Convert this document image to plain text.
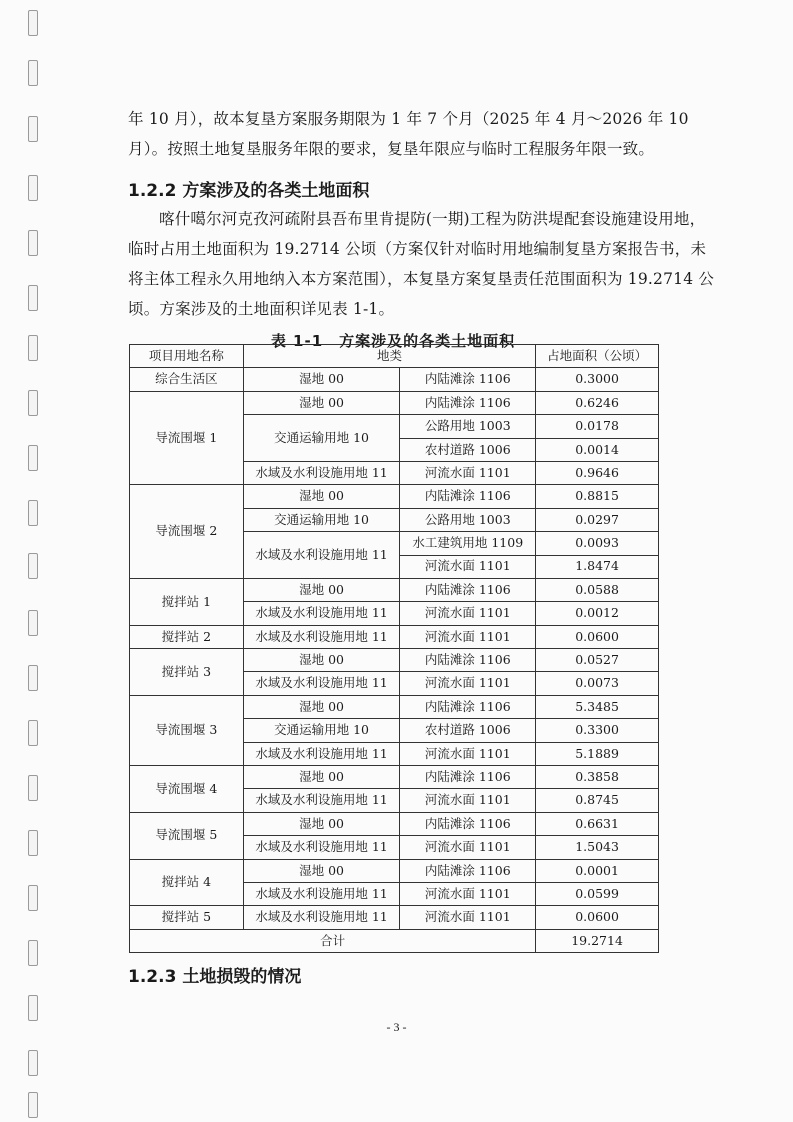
年 10 月），故本复垦方案服务期限为 1 年 7 个月（2025 年 4 月～2026 年 10 月）。按照土地复垦服务年限的要求，复垦年限应与临时工程服务年限一致。

1.2.2 方案涉及的各类土地面积

喀什噶尔河克孜河疏附县吾布里肯提防(一期)工程为防洪堤配套设施建设用地，临时占用土地面积为 19.2714 公顷（方案仅针对临时用地编制复垦方案报告书，未将主体工程永久用地纳入本方案范围），本复垦方案复垦责任范围面积为 19.2714 公顷。方案涉及的土地面积详见表 1-1。

表 1-1　方案涉及的各类土地面积

项目用地名称	地类		占地面积（公顷）
综合生活区	湿地 00	内陆滩涂 1106	0.3000
导流围堰 1	湿地 00	内陆滩涂 1106	0.6246
	交通运输用地 10	公路用地 1003	0.0178
		农村道路 1006	0.0014
	水域及水利设施用地 11	河流水面 1101	0.9646
导流围堰 2	湿地 00	内陆滩涂 1106	0.8815
	交通运输用地 10	公路用地 1003	0.0297
	水域及水利设施用地 11	水工建筑用地 1109	0.0093
		河流水面 1101	1.8474
搅拌站 1	湿地 00	内陆滩涂 1106	0.0588
	水域及水利设施用地 11	河流水面 1101	0.0012
搅拌站 2	水域及水利设施用地 11	河流水面 1101	0.0600
搅拌站 3	湿地 00	内陆滩涂 1106	0.0527
	水域及水利设施用地 11	河流水面 1101	0.0073
导流围堰 3	湿地 00	内陆滩涂 1106	5.3485
	交通运输用地 10	农村道路 1006	0.3300
	水域及水利设施用地 11	河流水面 1101	5.1889
导流围堰 4	湿地 00	内陆滩涂 1106	0.3858
	水域及水利设施用地 11	河流水面 1101	0.8745
导流围堰 5	湿地 00	内陆滩涂 1106	0.6631
	水域及水利设施用地 11	河流水面 1101	1.5043
搅拌站 4	湿地 00	内陆滩涂 1106	0.0001
	水域及水利设施用地 11	河流水面 1101	0.0599
搅拌站 5	水域及水利设施用地 11	河流水面 1101	0.0600
合计			19.2714
1.2.3 土地损毁的情况
- 3 -
